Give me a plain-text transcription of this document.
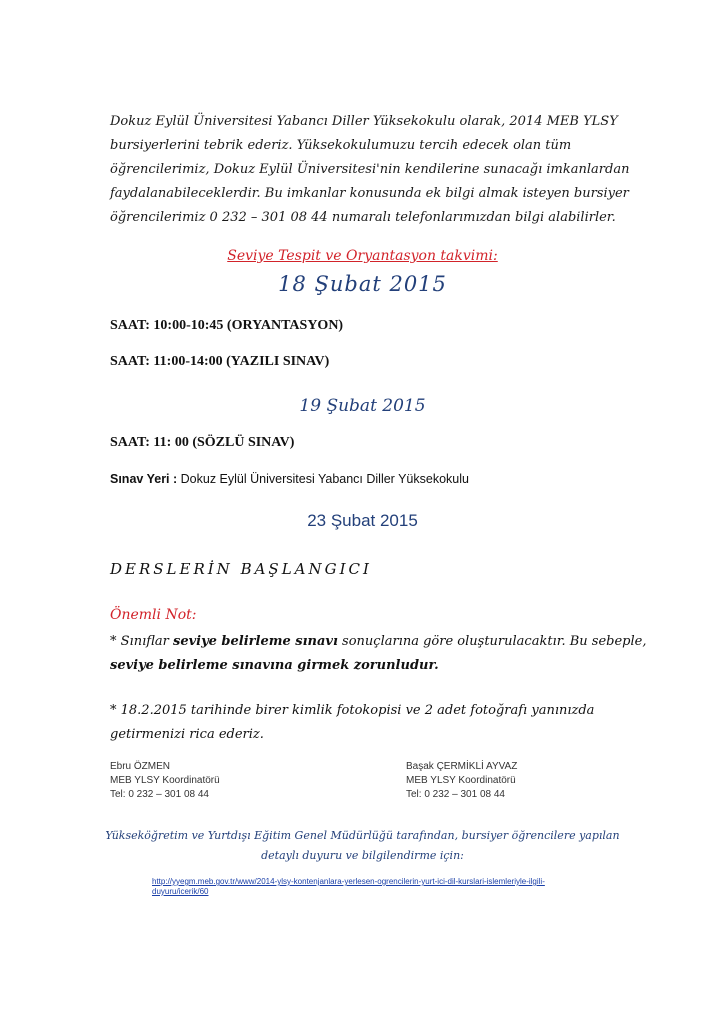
Dokuz Eylül Üniversitesi Yabancı Diller Yüksekokulu olarak, 2014 MEB YLSY
bursiyerlerini tebrik ederiz. Yüksekokulumuzu tercih edecek olan tüm
öğrencilerimiz, Dokuz Eylül Üniversitesi'nin kendilerine sunacağı imkanlardan
faydalanabileceklerdir. Bu imkanlar konusunda ek bilgi almak isteyen bursiyer
öğrencilerimiz 0 232 – 301 08 44 numaralı telefonlarımızdan bilgi alabilirler.
Seviye Tespit ve Oryantasyon takvimi:
18 Şubat 2015
SAAT: 10:00-10:45 (ORYANTASYON)
SAAT: 11:00-14:00 (YAZILI SINAV)
19 Şubat 2015
SAAT: 11: 00 (SÖZLÜ SINAV)
Sınav Yeri : Dokuz Eylül Üniversitesi Yabancı Diller Yüksekokulu
23 Şubat 2015
DERSLERİN BAŞLANGICI
Önemli Not:
* Sınıflar seviye belirleme sınavı sonuçlarına göre oluşturulacaktır. Bu sebeple,
seviye belirleme sınavına girmek zorunludur.
* 18.2.2015 tarihinde birer kimlik fotokopisi ve 2 adet fotoğrafı yanınızda
getirmenizi rica ederiz.
Ebru ÖZMEN
MEB YLSY Koordinatörü
Tel: 0 232 – 301 08 44
Başak ÇERMİKLİ AYVAZ
MEB YLSY Koordinatörü
Tel: 0 232 – 301 08 44
Yükseköğretim ve Yurtdışı Eğitim Genel Müdürlüğü tarafından, bursiyer öğrencilere yapılan
detaylı duyuru ve bilgilendirme için:
http://yyegm.meb.gov.tr/www/2014-ylsy-kontenjanlara-yerlesen-ogrencilerin-yurt-ici-dil-kurslari-islemleriyle-ilgili-
duyuru/icerik/60
